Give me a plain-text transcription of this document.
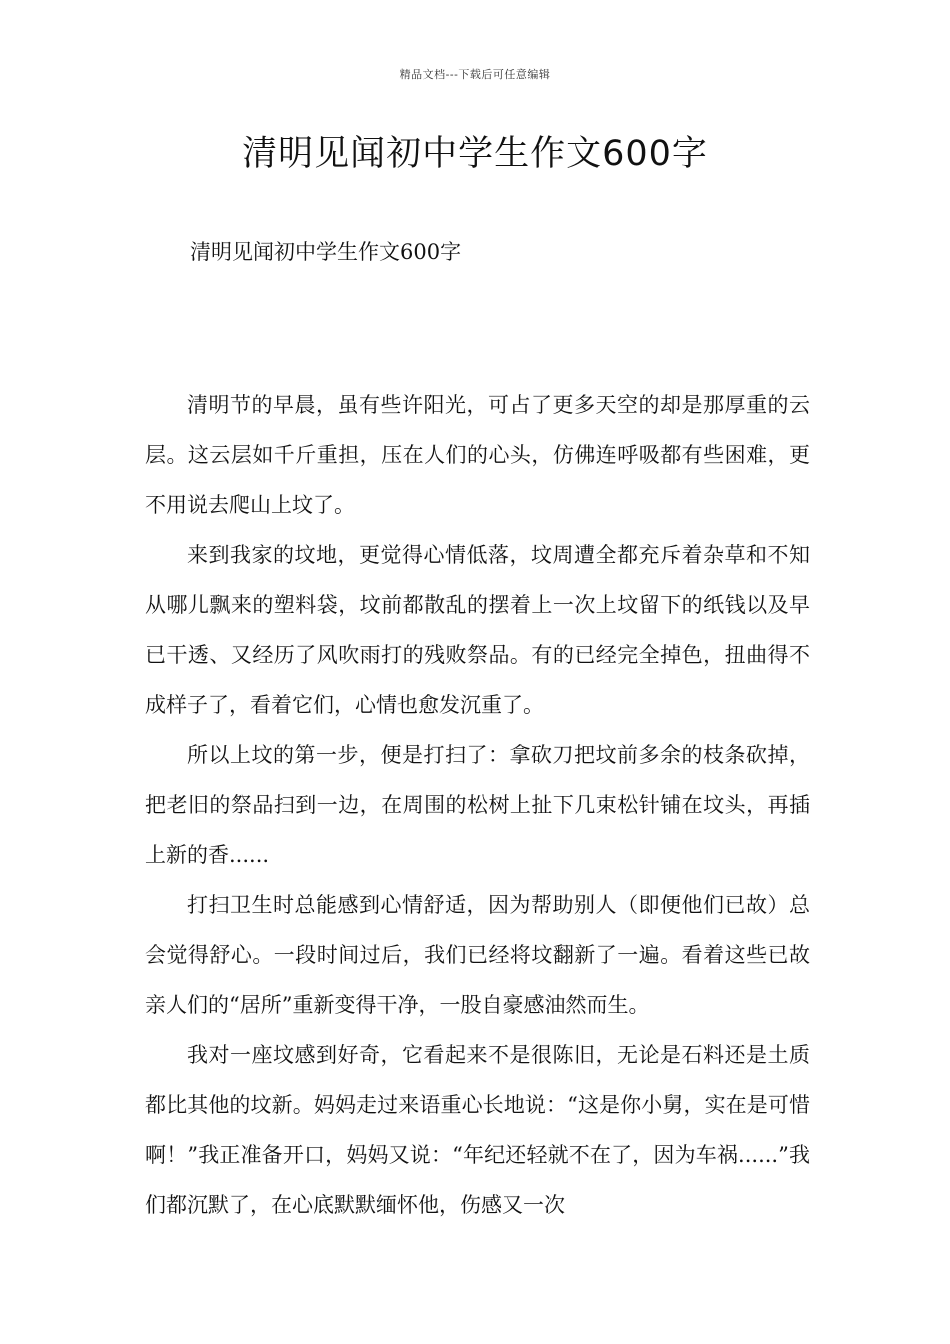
精品文档---下载后可任意编辑
清明见闻初中学生作文600字

清明见闻初中学生作文600字

清明节的早晨，虽有些许阳光，可占了更多天空的却是那厚重的云层。这云层如千斤重担，压在人们的心头，仿佛连呼吸都有些困难，更不用说去爬山上坟了。

来到我家的坟地，更觉得心情低落，坟周遭全都充斥着杂草和不知从哪儿飘来的塑料袋，坟前都散乱的摆着上一次上坟留下的纸钱以及早已干透、又经历了风吹雨打的残败祭品。有的已经完全掉色，扭曲得不成样子了，看着它们，心情也愈发沉重了。

所以上坟的第一步，便是打扫了：拿砍刀把坟前多余的枝条砍掉，把老旧的祭品扫到一边，在周围的松树上扯下几束松针铺在坟头，再插上新的香......

打扫卫生时总能感到心情舒适，因为帮助别人（即便他们已故）总会觉得舒心。一段时间过后，我们已经将坟翻新了一遍。看着这些已故亲人们的“居所”重新变得干净，一股自豪感油然而生。

我对一座坟感到好奇，它看起来不是很陈旧，无论是石料还是土质都比其他的坟新。妈妈走过来语重心长地说：“这是你小舅，实在是可惜啊！”我正准备开口，妈妈又说：“年纪还轻就不在了，因为车祸......”我们都沉默了，在心底默默缅怀他，伤感又一次
